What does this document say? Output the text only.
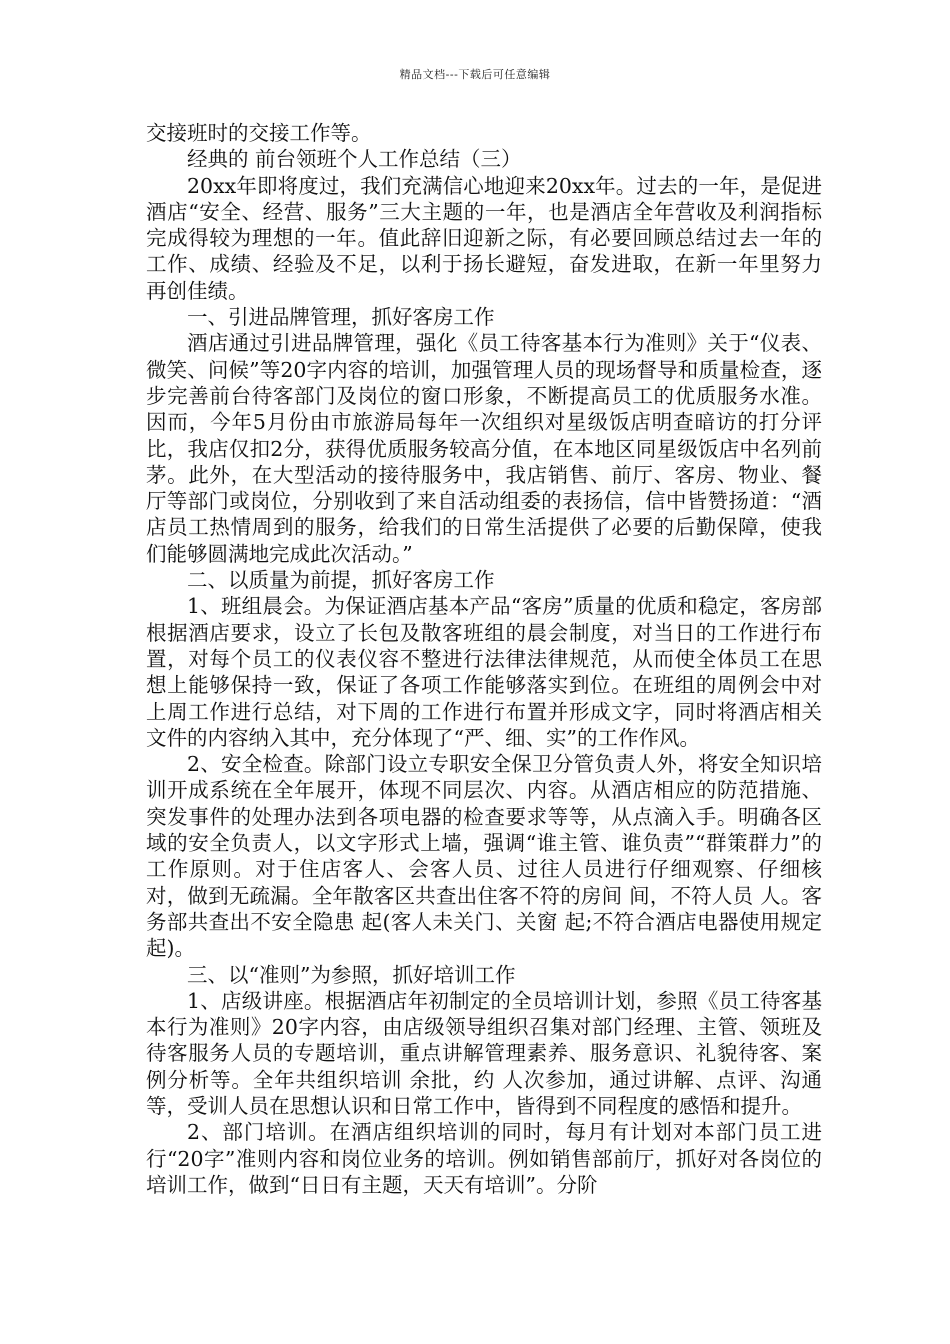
精品文档---下载后可任意编辑

交接班时的交接工作等。

经典的 前台领班个人工作总结（三）

20xx年即将度过，我们充满信心地迎来20xx年。过去的一年，是促进酒店“安全、经营、服务”三大主题的一年，也是酒店全年营收及利润指标完成得较为理想的一年。值此辞旧迎新之际，有必要回顾总结过去一年的工作、成绩、经验及不足，以利于扬长避短，奋发进取，在新一年里努力再创佳绩。

一、引进品牌管理，抓好客房工作

酒店通过引进品牌管理，强化《员工待客基本行为准则》关于“仪表、微笑、问候”等20字内容的培训，加强管理人员的现场督导和质量检查，逐步完善前台待客部门及岗位的窗口形象，不断提高员工的优质服务水准。因而，今年5月份由市旅游局每年一次组织对星级饭店明查暗访的打分评比，我店仅扣2分，获得优质服务较高分值，在本地区同星级饭店中名列前茅。此外，在大型活动的接待服务中，我店销售、前厅、客房、物业、餐厅等部门或岗位，分别收到了来自活动组委的表扬信，信中皆赞扬道：“酒店员工热情周到的服务，给我们的日常生活提供了必要的后勤保障，使我们能够圆满地完成此次活动。”

二、以质量为前提，抓好客房工作

1、班组晨会。为保证酒店基本产品“客房”质量的优质和稳定，客房部根据酒店要求，设立了长包及散客班组的晨会制度，对当日的工作进行布置，对每个员工的仪表仪容不整进行法律法律规范，从而使全体员工在思想上能够保持一致，保证了各项工作能够落实到位。在班组的周例会中对上周工作进行总结，对下周的工作进行布置并形成文字，同时将酒店相关文件的内容纳入其中，充分体现了“严、细、实”的工作作风。

2、安全检查。除部门设立专职安全保卫分管负责人外，将安全知识培训开成系统在全年展开，体现不同层次、内容。从酒店相应的防范措施、突发事件的处理办法到各项电器的检查要求等等，从点滴入手。明确各区域的安全负责人，以文字形式上墙，强调“谁主管、谁负责”“群策群力”的工作原则。对于住店客人、会客人员、过往人员进行仔细观察、仔细核对，做到无疏漏。全年散客区共查出住客不符的房间 间，不符人员 人。客务部共查出不安全隐患 起(客人未关门、关窗 起;不符合酒店电器使用规定 起)。

三、以“准则”为参照，抓好培训工作

1、店级讲座。根据酒店年初制定的全员培训计划，参照《员工待客基本行为准则》20字内容，由店级领导组织召集对部门经理、主管、领班及待客服务人员的专题培训，重点讲解管理素养、服务意识、礼貌待客、案例分析等。全年共组织培训 余批，约 人次参加，通过讲解、点评、沟通等，受训人员在思想认识和日常工作中，皆得到不同程度的感悟和提升。

2、部门培训。在酒店组织培训的同时，每月有计划对本部门员工进行“20字”准则内容和岗位业务的培训。例如销售部前厅，抓好对各岗位的培训工作，做到“日日有主题，天天有培训”。分阶
